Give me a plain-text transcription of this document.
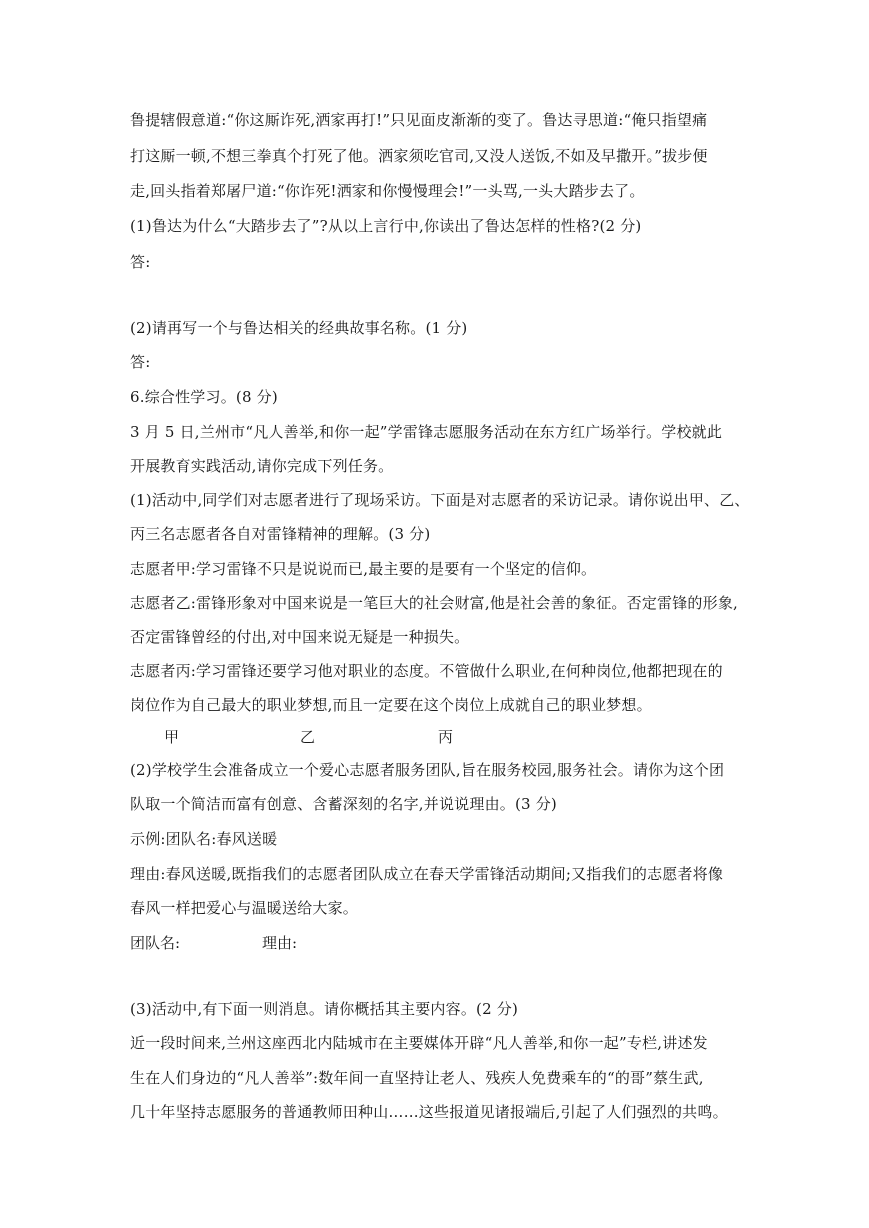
鲁提辖假意道:“你这厮诈死,洒家再打!”只见面皮渐渐的变了。鲁达寻思道:“俺只指望痛
打这厮一顿,不想三拳真个打死了他。洒家须吃官司,又没人送饭,不如及早撒开。”拔步便
走,回头指着郑屠尸道:“你诈死!洒家和你慢慢理会!”一头骂,一头大踏步去了。
(1)鲁达为什么“大踏步去了”?从以上言行中,你读出了鲁达怎样的性格?(2 分)
答:
(2)请再写一个与鲁达相关的经典故事名称。(1 分)
答:
6.综合性学习。(8 分)
3 月 5 日,兰州市“凡人善举,和你一起”学雷锋志愿服务活动在东方红广场举行。学校就此
开展教育实践活动,请你完成下列任务。
(1)活动中,同学们对志愿者进行了现场采访。下面是对志愿者的采访记录。请你说出甲、乙、
丙三名志愿者各自对雷锋精神的理解。(3 分)
志愿者甲:学习雷锋不只是说说而已,最主要的是要有一个坚定的信仰。
志愿者乙:雷锋形象对中国来说是一笔巨大的社会财富,他是社会善的象征。否定雷锋的形象,
否定雷锋曾经的付出,对中国来说无疑是一种损失。
志愿者丙:学习雷锋还要学习他对职业的态度。不管做什么职业,在何种岗位,他都把现在的
岗位作为自己最大的职业梦想,而且一定要在这个岗位上成就自己的职业梦想。
甲	乙	丙
(2)学校学生会准备成立一个爱心志愿者服务团队,旨在服务校园,服务社会。请你为这个团
队取一个简洁而富有创意、含蓄深刻的名字,并说说理由。(3 分)
示例:团队名:春风送暖
理由:春风送暖,既指我们的志愿者团队成立在春天学雷锋活动期间;又指我们的志愿者将像
春风一样把爱心与温暖送给大家。
团队名:	理由:
(3)活动中,有下面一则消息。请你概括其主要内容。(2 分)
近一段时间来,兰州这座西北内陆城市在主要媒体开辟“凡人善举,和你一起”专栏,讲述发
生在人们身边的“凡人善举”:数年间一直坚持让老人、残疾人免费乘车的“的哥”蔡生武,
几十年坚持志愿服务的普通教师田种山……这些报道见诸报端后,引起了人们强烈的共鸣。
